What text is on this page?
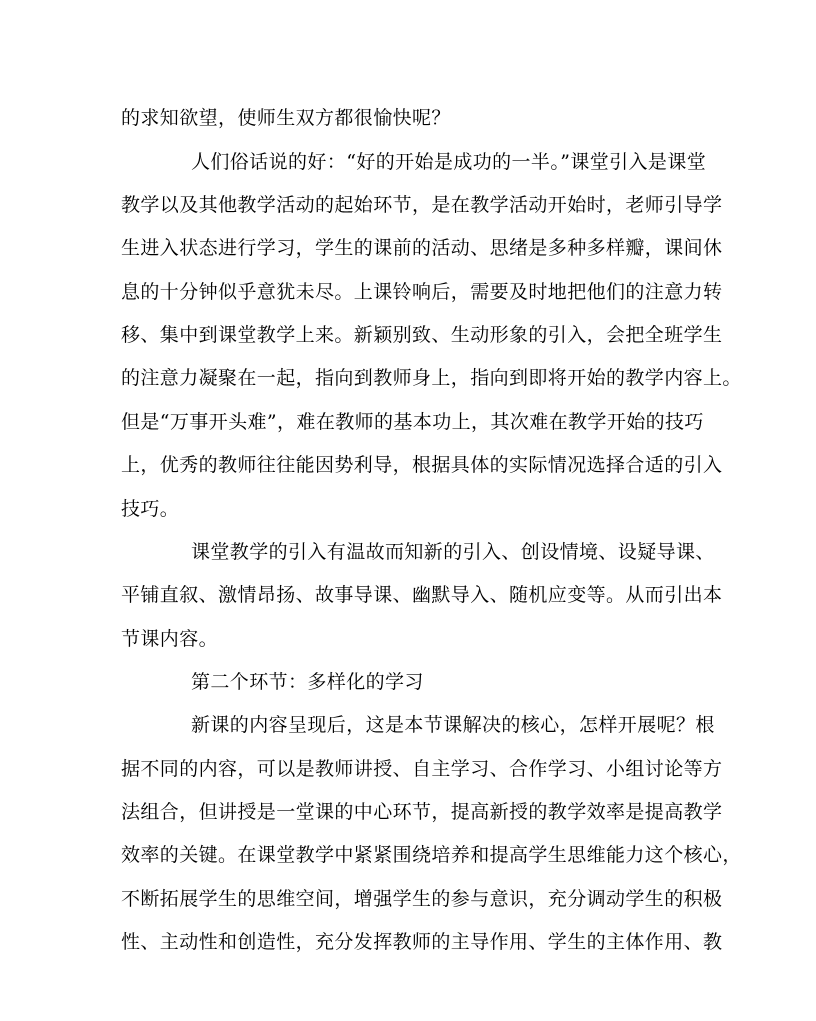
的求知欲望，使师生双方都很愉快呢？
人们俗话说的好：“好的开始是成功的一半。”课堂引入是课堂
教学以及其他教学活动的起始环节，是在教学活动开始时，老师引导学
生进入状态进行学习，学生的课前的活动、思绪是多种多样瓣，课间休
息的十分钟似乎意犹未尽。上课铃响后，需要及时地把他们的注意力转
移、集中到课堂教学上来。新颖别致、生动形象的引入，会把全班学生
的注意力凝聚在一起，指向到教师身上，指向到即将开始的教学内容上。
但是“万事开头难”，难在教师的基本功上，其次难在教学开始的技巧
上，优秀的教师往往能因势利导，根据具体的实际情况选择合适的引入
技巧。
课堂教学的引入有温故而知新的引入、创设情境、设疑导课、
平铺直叙、激情昂扬、故事导课、幽默导入、随机应变等。从而引出本
节课内容。
第二个环节：多样化的学习
新课的内容呈现后，这是本节课解决的核心，怎样开展呢？根
据不同的内容，可以是教师讲授、自主学习、合作学习、小组讨论等方
法组合，但讲授是一堂课的中心环节，提高新授的教学效率是提高教学
效率的关键。在课堂教学中紧紧围绕培养和提高学生思维能力这个核心，
不断拓展学生的思维空间，增强学生的参与意识，充分调动学生的积极
性、主动性和创造性，充分发挥教师的主导作用、学生的主体作用、教
